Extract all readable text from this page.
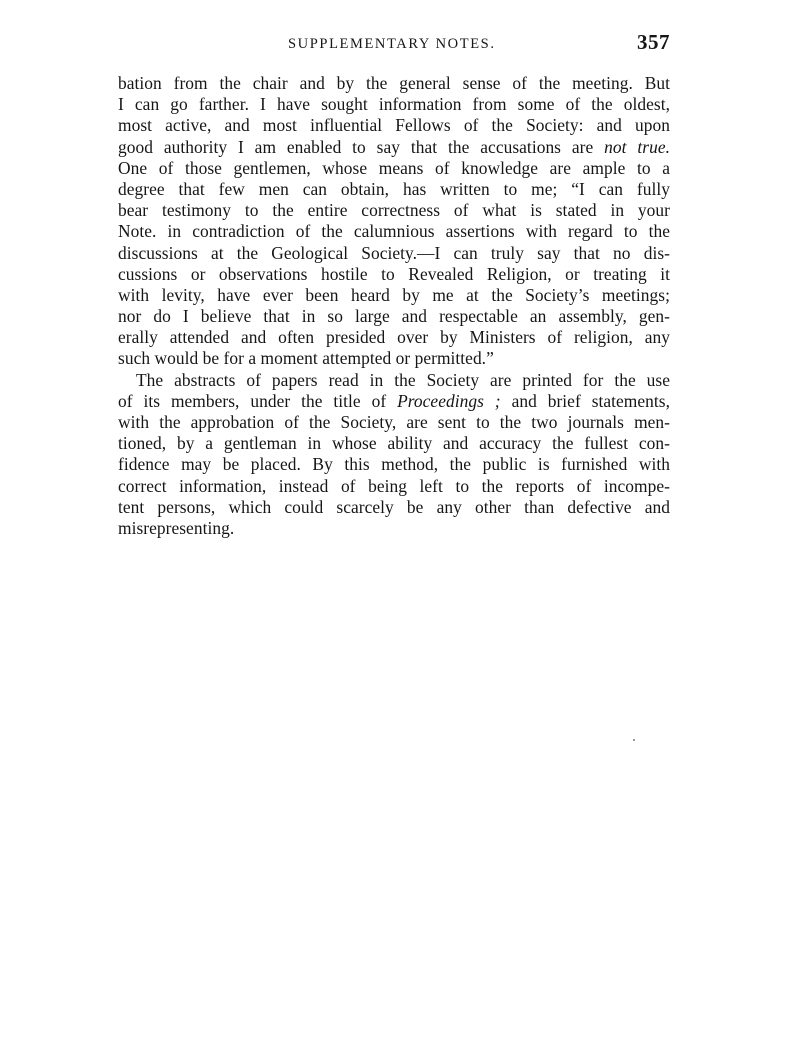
SUPPLEMENTARY NOTES.	357
bation from the chair and by the general sense of the meeting. But
I can go farther. I have sought information from some of the oldest,
most active, and most influential Fellows of the Society: and upon
good authority I am enabled to say that the accusations are not true.
One of those gentlemen, whose means of knowledge are ample to a
degree that few men can obtain, has written to me; “I can fully
bear testimony to the entire correctness of what is stated in your
Note. in contradiction of the calumnious assertions with regard to the
discussions at the Geological Society.—I can truly say that no dis-
cussions or observations hostile to Revealed Religion, or treating it
with levity, have ever been heard by me at the Society’s meetings;
nor do I believe that in so large and respectable an assembly, gen-
erally attended and often presided over by Ministers of religion, any
such would be for a moment attempted or permitted.”
The abstracts of papers read in the Society are printed for the use
of its members, under the title of Proceedings ; and brief statements,
with the approbation of the Society, are sent to the two journals men-
tioned, by a gentleman in whose ability and accuracy the fullest con-
fidence may be placed. By this method, the public is furnished with
correct information, instead of being left to the reports of incompe-
tent persons, which could scarcely be any other than defective and
misrepresenting.
